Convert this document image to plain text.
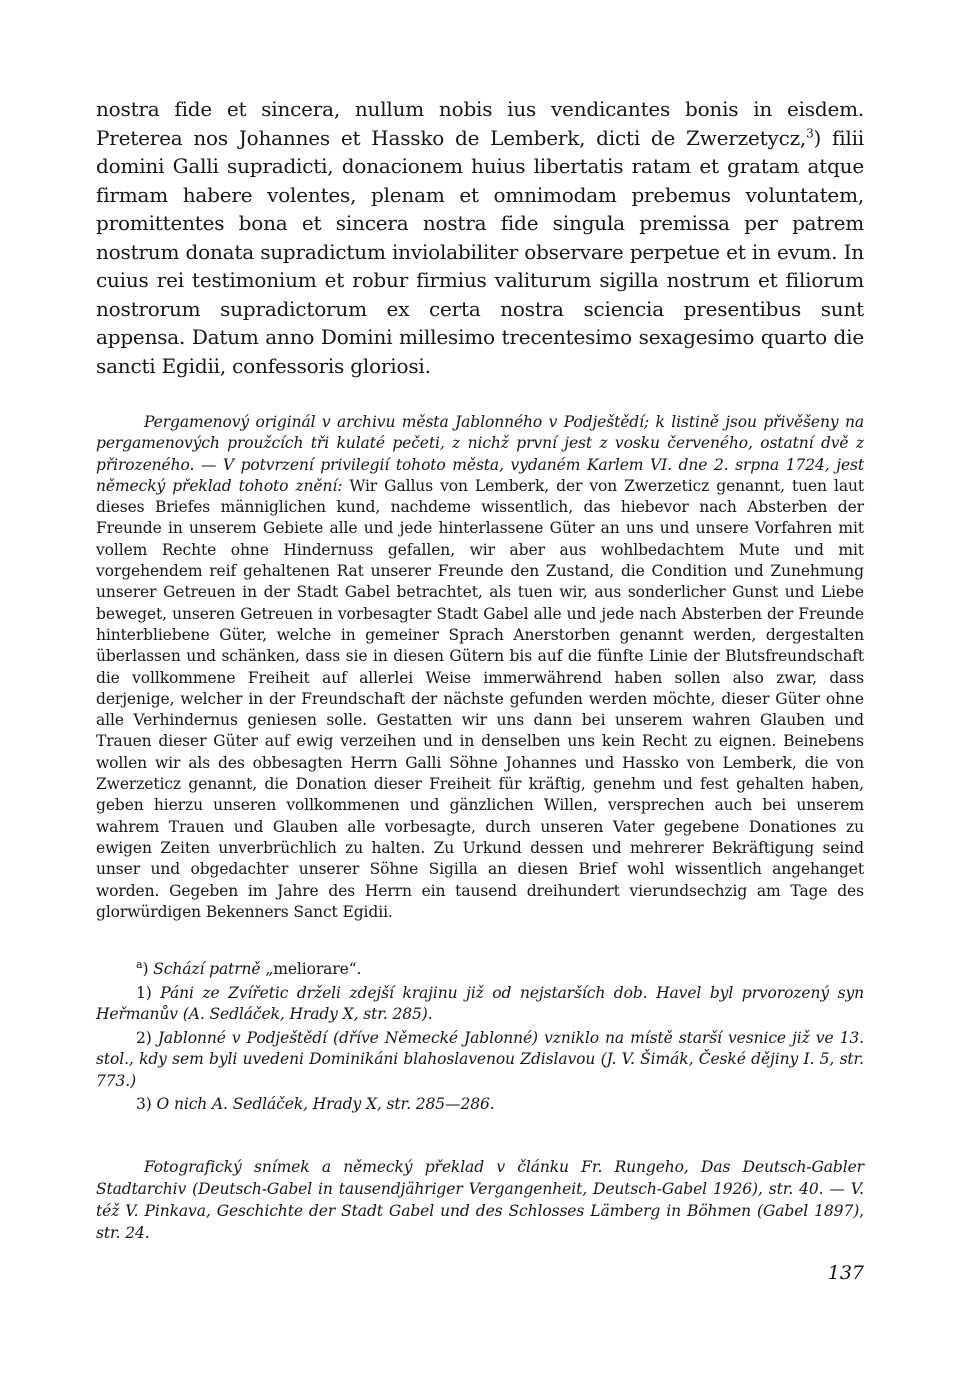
nostra fide et sincera, nullum nobis ius vendicantes bonis in eisdem. Preterea nos Johannes et Hassko de Lemberk, dicti de Zwerzetycz,$^3$) filii domini Galli supradicti, donacionem huius libertatis ratam et gratam atque firmam habere volentes, plenam et omnimodam prebemus voluntatem, promittentes bona et sincera nostra fide singula premissa per patrem nostrum donata supradictum inviolabiliter observare perpetue et in evum. In cuius rei testimonium et robur firmius valiturum sigilla nostrum et filiorum nostrorum supradictorum ex certa nostra sciencia presentibus sunt appensa. Datum anno Domini millesimo trecentesimo sexagesimo quarto die sancti Egidii, confessoris gloriosi.

Pergamenový originál v archivu města Jablonného v Podještědí; k listině jsou přivěšeny na pergamenových proužcích tři kulaté pečeti, z nichž první jest z vosku červeného, ostatní dvě z přirozeného. — V potvrzení privilegií tohoto města, vydaném Karlem VI. dne 2. srpna 1724, jest německý překlad tohoto znění: Wir Gallus von Lemberk, der von Zwerzeticz genannt, tuen laut dieses Briefes männiglichen kund, nachdeme wissentlich, das hiebevor nach Absterben der Freunde in unserem Gebiete alle und jede hinterlassene Güter an uns und unsere Vorfahren mit vollem Rechte ohne Hindernuss gefallen, wir aber aus wohlbedachtem Mute und mit vorgehendem reif gehaltenen Rat unserer Freunde den Zustand, die Condition und Zunehmung unserer Getreuen in der Stadt Gabel betrachtet, als tuen wir, aus sonderlicher Gunst und Liebe beweget, unseren Getreuen in vorbesagter Stadt Gabel alle und jede nach Absterben der Freunde hinterbliebene Güter, welche in gemeiner Sprach Anerstorben genannt werden, dergestalten überlassen und schänken, dass sie in diesen Gütern bis auf die fünfte Linie der Blutsfreundschaft die vollkommene Freiheit auf allerlei Weise immerwährend haben sollen also zwar, dass derjenige, welcher in der Freundschaft der nächste gefunden werden möchte, dieser Güter ohne alle Verhindernus geniesen solle. Gestatten wir uns dann bei unserem wahren Glauben und Trauen dieser Güter auf ewig verzeihen und in denselben uns kein Recht zu eignen. Beinebens wollen wir als des obbesagten Herrn Galli Söhne Johannes und Hassko von Lemberk, die von Zwerzeticz genannt, die Donation dieser Freiheit für kräftig, genehm und fest gehalten haben, geben hierzu unseren vollkommenen und gänzlichen Willen, versprechen auch bei unserem wahrem Trauen und Glauben alle vorbesagte, durch unseren Vater gegebene Donationes zu ewigen Zeiten unverbrüchlich zu halten. Zu Urkund dessen und mehrerer Bekräftigung seind unser und obgedachter unserer Söhne Sigilla an diesen Brief wohl wissentlich angehanget worden. Gegeben im Jahre des Herrn ein tausend dreihundert vierundsechzig am Tage des glorwürdigen Bekenners Sanct Egidii.

$^a$) Schází patrně „meliorare“.

1) Páni ze Zvířetic drželi zdejší krajinu již od nejstarších dob. Havel byl prvorozený syn Heřmanův (A. Sedláček, Hrady X, str. 285).

2) Jablonné v Podještědí (dříve Německé Jablonné) vzniklo na místě starší vesnice již ve 13. stol., kdy sem byli uvedeni Dominikáni blahoslavenou Zdislavou (J. V. Šimák, České dějiny I. 5, str. 773.)

3) O nich A. Sedláček, Hrady X, str. 285—286.

Fotografický snímek a německý překlad v článku Fr. Rungeho, Das Deutsch-Gabler Stadtarchiv (Deutsch-Gabel in tausendjähriger Vergangenheit, Deutsch-Gabel 1926), str. 40. — V. též V. Pinkava, Geschichte der Stadt Gabel und des Schlosses Lämberg in Böhmen (Gabel 1897), str. 24.

137
